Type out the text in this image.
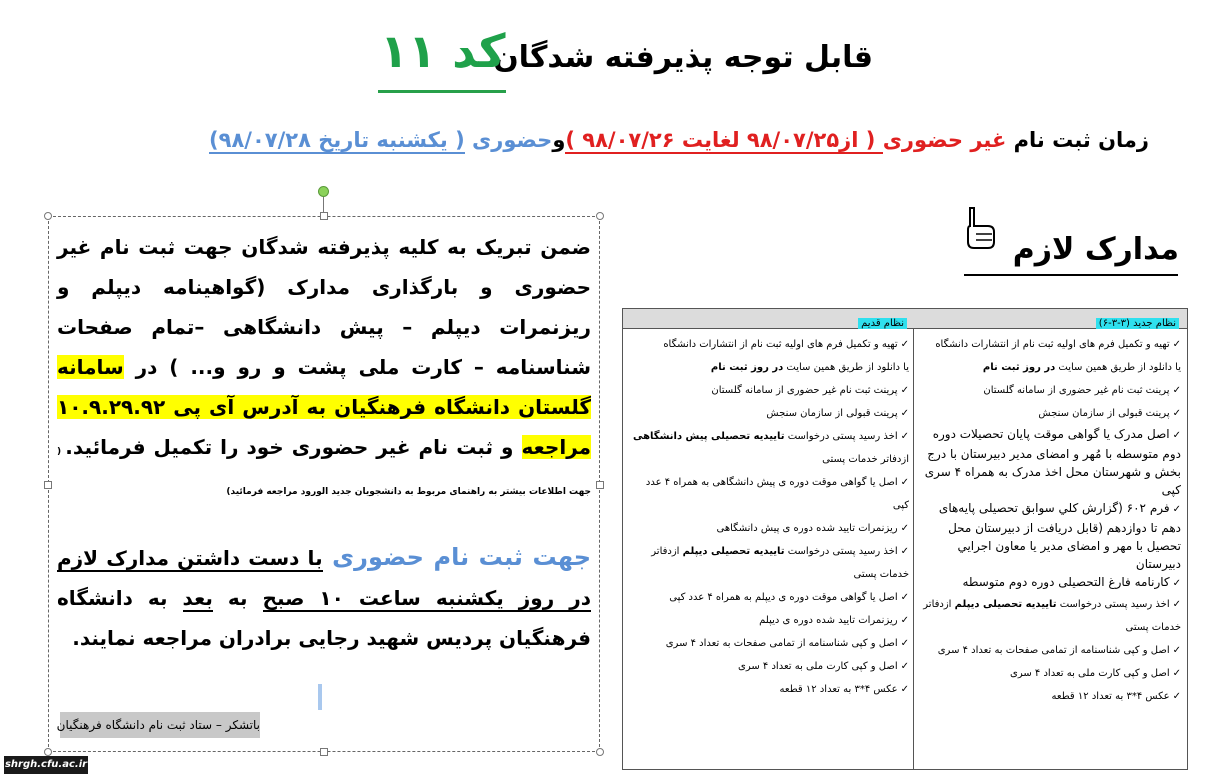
قابل توجه پذیرفته شدگان
کد ۱۱
زمان ثبت نام غیر حضوری ( از۹۸/۰۷/۲۵ لغایت ۹۸/۰۷/۲۶ )وحضوری ( یکشنبه تاریخ ۹۸/۰۷/۲۸)
ضمن تبریک به کلیه پذیرفته شدگان جهت ثبت نام غیر حضوری و بارگذاری مدارک (گواهینامه دیپلم و ریزنمرات دیپلم – پیش دانشگاهی –تمام صفحات شناسنامه – کارت ملی پشت و رو و... ) در سامانه گلستان دانشگاه فرهنگیان به آدرس آی پی ۱۰.۹.۲۹.۹۲ مراجعه و ثبت نام غیر حضوری خود را تکمیل فرمائید. ( جهت اطلاعات بیشتر به راهنمای مربوط به دانشجویان جدید الورود مراجعه فرمائید)
جهت ثبت نام حضوری با دست داشتن مدارک لازم در روز یکشنبه ساعت ۱۰ صبح به بعد به دانشگاه فرهنگیان پردیس شهید رجایی برادران مراجعه نمایند.
باتشکر – ستاد ثبت نام دانشگاه فرهنگیان
مدارک لازم
نظام جدید (۳-۳-۶)
✓تهیه و تکمیل فرم های اولیه ثبت نام از انتشارات دانشگاه
یا دانلود از طریق همین سایت در روز ثبت نام
✓پرینت ثبت نام غیر حضوری از سامانه گلستان
✓پرینت قبولی از سازمان سنجش
✓اصل مدرک یا گواهی موقت پایان تحصیلات دوره دوم متوسطه با مُهر و امضای مدیر دبیرستان با درج بخش و شهرستان محل اخذ مدرک به همراه ۴ سری کپی
✓فرم ۶۰۲ (گزارش كلي سوابق تحصیلی پایه‌های دهم تا دوازدهم (قابل دريافت از دبیرستان محل تحصیل با مهر و امضای مدير يا معاون اجرايي دبیرستان
✓کارنامه فارغ التحصیلی دوره دوم متوسطه
✓اخذ رسید پستی درخواست تاییدیه تحصیلی دیپلم ازدفاتر خدمات پستی
✓اصل و کپی شناسنامه از تمامی صفحات به تعداد ۴ سری
✓اصل و کپی کارت ملی به تعداد ۴ سری
✓عکس ۴*۳ به تعداد ۱۲ قطعه
نظام قدیم
✓تهیه و تکمیل فرم های اولیه ثبت نام از انتشارات دانشگاه
یا دانلود از طریق همین سایت در روز ثبت نام
✓پرینت ثبت نام غیر حضوری از سامانه گلستان
✓پرینت قبولی از سازمان سنجش
✓اخذ رسید پستی درخواست تاییدیه تحصیلی پیش دانشگاهی ازدفاتر خدمات پستی
✓اصل یا گواهی موقت دوره ی پیش دانشگاهی به همراه ۴ عدد کپی
✓ریزنمرات تایید شده دوره ی پیش دانشگاهی
✓اخذ رسید پستی درخواست تاییدیه تحصیلی دیپلم ازدفاتر خدمات پستی
✓اصل یا گواهی موقت دوره ی دیپلم به همراه ۴ عدد کپی
✓ریزنمرات تایید شده دوره ی دیپلم
✓اصل و کپی شناسنامه از تمامی صفحات به تعداد ۴ سری
✓اصل و کپی کارت ملی به تعداد ۴ سری
✓عکس ۴*۳ به تعداد ۱۲ قطعه
shrgh.cfu.ac.ir
